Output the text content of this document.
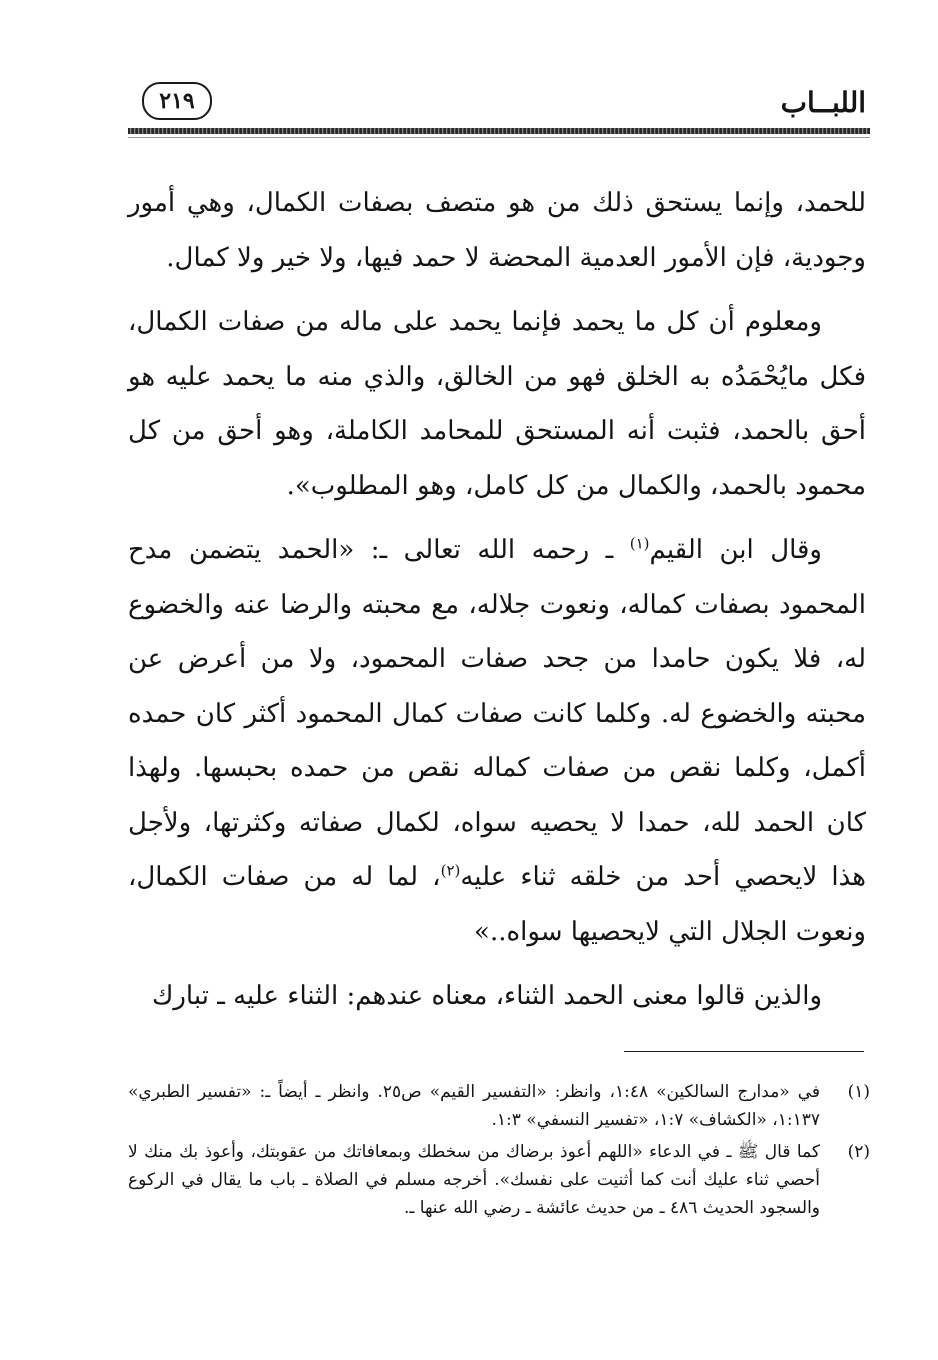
اللبــاب
٢١٩

للحمد، وإنما يستحق ذلك من هو متصف بصفات الكمال، وهي أمور وجودية، فإن الأمور العدمية المحضة لا حمد فيها، ولا خير ولا كمال.

ومعلوم أن كل ما يحمد فإنما يحمد على ماله من صفات الكمال، فكل مايُحْمَدُه به الخلق فهو من الخالق، والذي منه ما يحمد عليه هو أحق بالحمد، فثبت أنه المستحق للمحامد الكاملة، وهو أحق من كل محمود بالحمد، والكمال من كل كامل، وهو المطلوب».

وقال ابن القيم$^{(١)}$ ـ رحمه الله تعالى ـ: «الحمد يتضمن مدح المحمود بصفات كماله، ونعوت جلاله، مع محبته والرضا عنه والخضوع له، فلا يكون حامدا من جحد صفات المحمود، ولا من أعرض عن محبته والخضوع له. وكلما كانت صفات كمال المحمود أكثر كان حمده أكمل، وكلما نقص من صفات كماله نقص من حمده بحبسها. ولهذا كان الحمد لله، حمدا لا يحصيه سواه، لكمال صفاته وكثرتها، ولأجل هذا لايحصي أحد من خلقه ثناء عليه$^{(٢)}$، لما له من صفات الكمال، ونعوت الجلال التي لايحصيها سواه..»

والذين قالوا معنى الحمد الثناء، معناه عندهم: الثناء عليه ـ تبارك

(١)
في «مدارج السالكين» ١:٤٨، وانظر: «التفسير القيم» ص٢٥. وانظر ـ أيضاً ـ: «تفسير الطبري» ١:١٣٧، «الكشاف» ١:٧، «تفسير النسفي» ١:٣.
(٢)
كما قال ﷺ ـ في الدعاء «اللهم أعوذ برضاك من سخطك وبمعافاتك من عقوبتك، وأعوذ بك منك لا أحصي ثناء عليك أنت كما أثنيت على نفسك». أخرجه مسلم في الصلاة ـ باب ما يقال في الركوع والسجود الحديث ٤٨٦ ـ من حديث عائشة ـ رضي الله عنها ـ.
